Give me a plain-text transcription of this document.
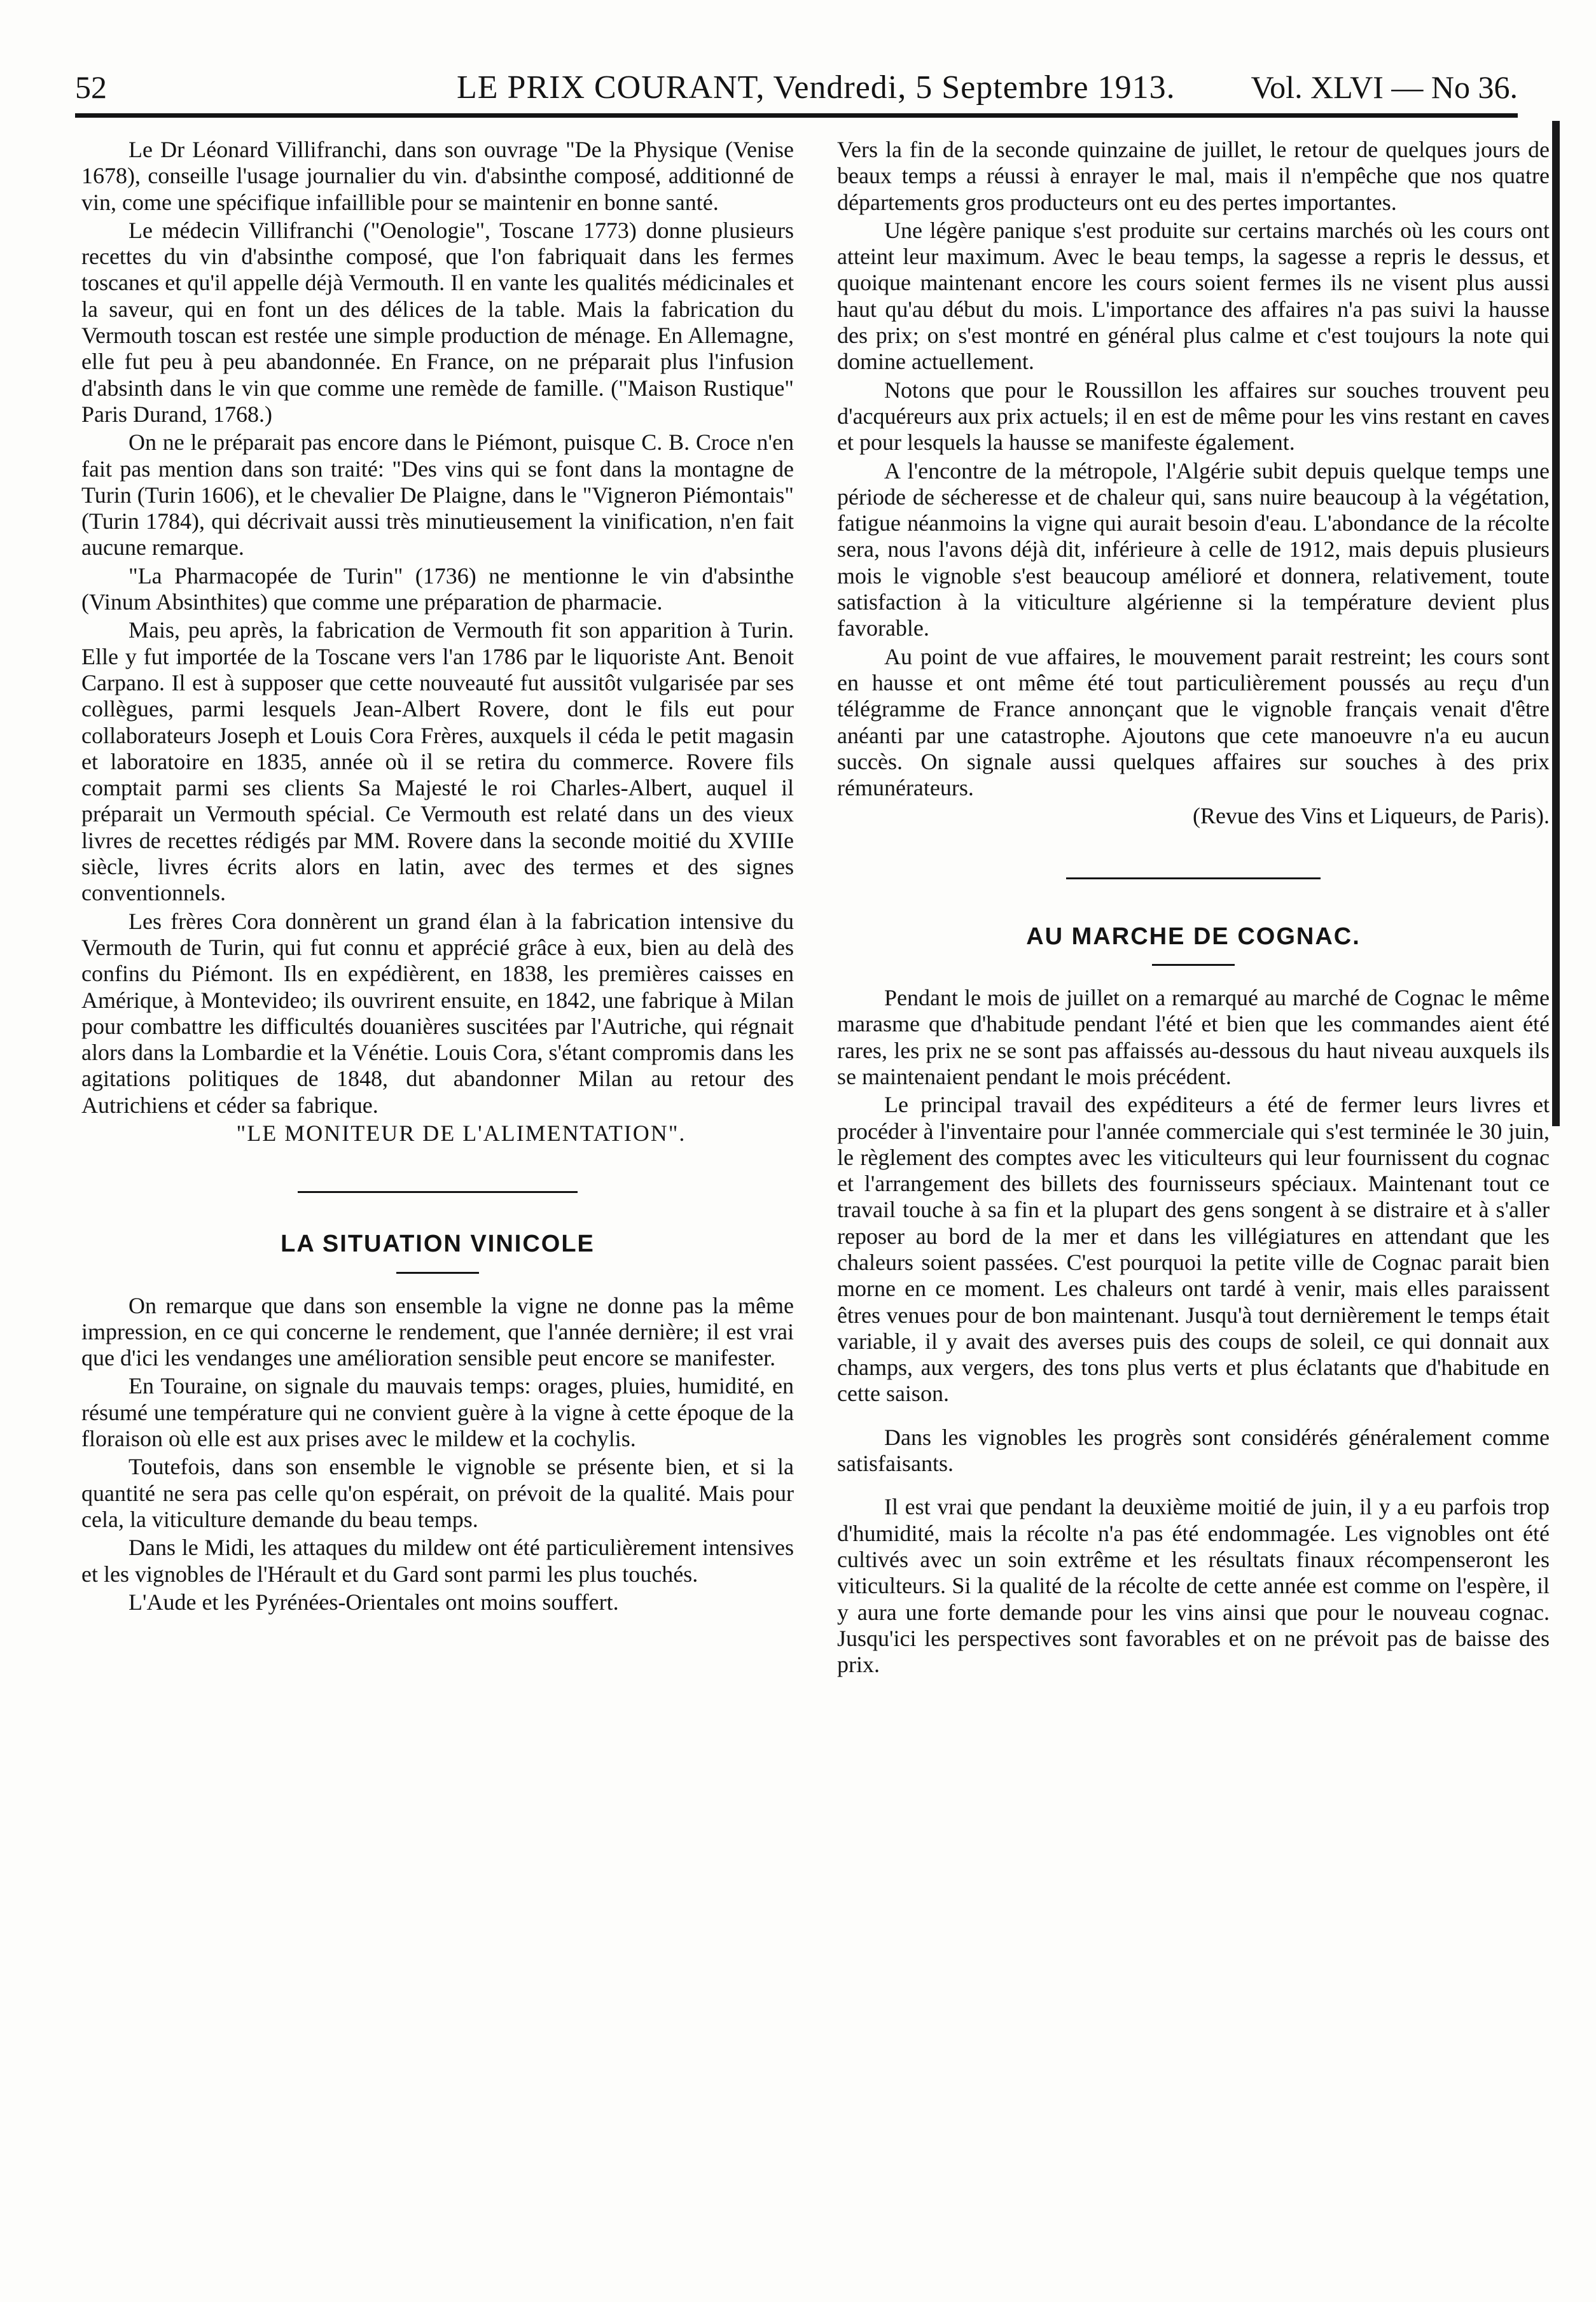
52	LE PRIX COURANT, Vendredi, 5 Septembre 1913. Vol. XLVI — No 36.

Le Dr Léonard Villifranchi, dans son ouvrage "De la Physique (Venise 1678), conseille l'usage journalier du vin. d'absinthe composé, additionné de vin, come une spécifique infaillible pour se maintenir en bonne santé.

Le médecin Villifranchi ("Oenologie", Toscane 1773) donne plusieurs recettes du vin d'absinthe composé, que l'on fabriquait dans les fermes toscanes et qu'il appelle déjà Vermouth. Il en vante les qualités médicinales et la saveur, qui en font un des délices de la table. Mais la fabrication du Vermouth toscan est restée une simple production de ménage. En Allemagne, elle fut peu à peu abandonnée. En France, on ne préparait plus l'infusion d'absinth dans le vin que comme une remède de famille. ("Maison Rustique" Paris Durand, 1768.)

On ne le préparait pas encore dans le Piémont, puisque C. B. Croce n'en fait pas mention dans son traité: "Des vins qui se font dans la montagne de Turin (Turin 1606), et le chevalier De Plaigne, dans le "Vigneron Piémontais" (Turin 1784), qui décrivait aussi très minutieusement la vinification, n'en fait aucune remarque.

"La Pharmacopée de Turin" (1736) ne mentionne le vin d'absinthe (Vinum Absinthites) que comme une préparation de pharmacie.

Mais, peu après, la fabrication de Vermouth fit son apparition à Turin. Elle y fut importée de la Toscane vers l'an 1786 par le liquoriste Ant. Benoit Carpano. Il est à supposer que cette nouveauté fut aussitôt vulgarisée par ses collègues, parmi lesquels Jean-Albert Rovere, dont le fils eut pour collaborateurs Joseph et Louis Cora Frères, auxquels il céda le petit magasin et laboratoire en 1835, année où il se retira du commerce. Rovere fils comptait parmi ses clients Sa Majesté le roi Charles-Albert, auquel il préparait un Vermouth spécial. Ce Vermouth est relaté dans un des vieux livres de recettes rédigés par MM. Rovere dans la seconde moitié du XVIIIe siècle, livres écrits alors en latin, avec des termes et des signes conventionnels.

Les frères Cora donnèrent un grand élan à la fabrication intensive du Vermouth de Turin, qui fut connu et apprécié grâce à eux, bien au delà des confins du Piémont. Ils en expédièrent, en 1838, les premières caisses en Amérique, à Montevideo; ils ouvrirent ensuite, en 1842, une fabrique à Milan pour combattre les difficultés douanières suscitées par l'Autriche, qui régnait alors dans la Lombardie et la Vénétie. Louis Cora, s'étant compromis dans les agitations politiques de 1848, dut abandonner Milan au retour des Autrichiens et céder sa fabrique.

"LE MONITEUR DE L'ALIMENTATION".

LA SITUATION VINICOLE

On remarque que dans son ensemble la vigne ne donne pas la même impression, en ce qui concerne le rendement, que l'année dernière; il est vrai que d'ici les vendanges une amélioration sensible peut encore se manifester.

En Touraine, on signale du mauvais temps: orages, pluies, humidité, en résumé une température qui ne convient guère à la vigne à cette époque de la floraison où elle est aux prises avec le mildew et la cochylis.

Toutefois, dans son ensemble le vignoble se présente bien, et si la quantité ne sera pas celle qu'on espérait, on prévoit de la qualité. Mais pour cela, la viticulture demande du beau temps.

Dans le Midi, les attaques du mildew ont été particulièrement intensives et les vignobles de l'Hérault et du Gard sont parmi les plus touchés.

L'Aude et les Pyrénées-Orientales ont moins souffert.

Vers la fin de la seconde quinzaine de juillet, le retour de quelques jours de beaux temps a réussi à enrayer le mal, mais il n'empêche que nos quatre départements gros producteurs ont eu des pertes importantes.

Une légère panique s'est produite sur certains marchés où les cours ont atteint leur maximum. Avec le beau temps, la sagesse a repris le dessus, et quoique maintenant encore les cours soient fermes ils ne visent plus aussi haut qu'au début du mois. L'importance des affaires n'a pas suivi la hausse des prix; on s'est montré en général plus calme et c'est toujours la note qui domine actuellement.

Notons que pour le Roussillon les affaires sur souches trouvent peu d'acquéreurs aux prix actuels; il en est de même pour les vins restant en caves et pour lesquels la hausse se manifeste également.

A l'encontre de la métropole, l'Algérie subit depuis quelque temps une période de sécheresse et de chaleur qui, sans nuire beaucoup à la végétation, fatigue néanmoins la vigne qui aurait besoin d'eau. L'abondance de la récolte sera, nous l'avons déjà dit, inférieure à celle de 1912, mais depuis plusieurs mois le vignoble s'est beaucoup amélioré et donnera, relativement, toute satisfaction à la viticulture algérienne si la température devient plus favorable.

Au point de vue affaires, le mouvement parait restreint; les cours sont en hausse et ont même été tout particulièrement poussés au reçu d'un télégramme de France annonçant que le vignoble français venait d'être anéanti par une catastrophe. Ajoutons que cete manoeuvre n'a eu aucun succès. On signale aussi quelques affaires sur souches à des prix rémunérateurs.

(Revue des Vins et Liqueurs, de Paris).

AU MARCHE DE COGNAC.

Pendant le mois de juillet on a remarqué au marché de Cognac le même marasme que d'habitude pendant l'été et bien que les commandes aient été rares, les prix ne se sont pas affaissés au-dessous du haut niveau auxquels ils se maintenaient pendant le mois précédent.

Le principal travail des expéditeurs a été de fermer leurs livres et procéder à l'inventaire pour l'année commerciale qui s'est terminée le 30 juin, le règlement des comptes avec les viticulteurs qui leur fournissent du cognac et l'arrangement des billets des fournisseurs spéciaux. Maintenant tout ce travail touche à sa fin et la plupart des gens songent à se distraire et à s'aller reposer au bord de la mer et dans les villégiatures en attendant que les chaleurs soient passées. C'est pourquoi la petite ville de Cognac parait bien morne en ce moment. Les chaleurs ont tardé à venir, mais elles paraissent êtres venues pour de bon maintenant. Jusqu'à tout dernièrement le temps était variable, il y avait des averses puis des coups de soleil, ce qui donnait aux champs, aux vergers, des tons plus verts et plus éclatants que d'habitude en cette saison.

Dans les vignobles les progrès sont considérés généralement comme satisfaisants.

Il est vrai que pendant la deuxième moitié de juin, il y a eu parfois trop d'humidité, mais la récolte n'a pas été endommagée. Les vignobles ont été cultivés avec un soin extrême et les résultats finaux récompenseront les viticulteurs. Si la qualité de la récolte de cette année est comme on l'espère, il y aura une forte demande pour les vins ainsi que pour le nouveau cognac. Jusqu'ici les perspectives sont favorables et on ne prévoit pas de baisse des prix.
